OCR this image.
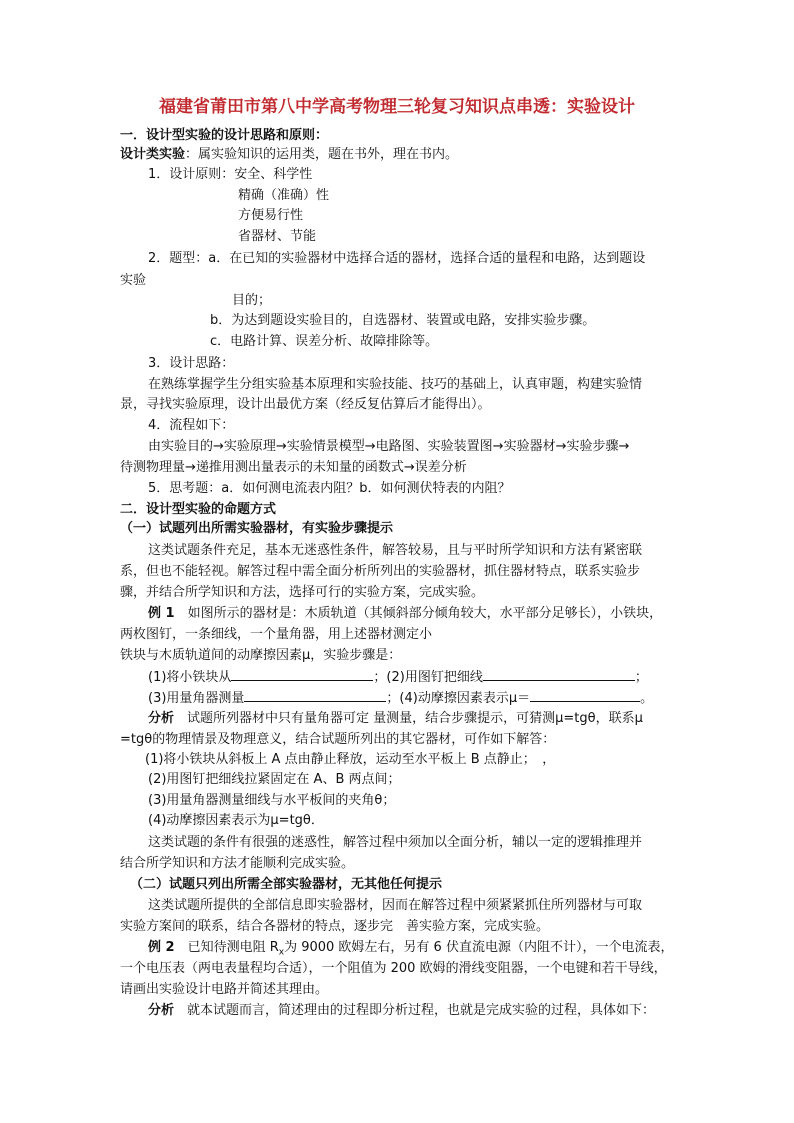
福建省莆田市第八中学高考物理三轮复习知识点串透：实验设计
一．设计型实验的设计思路和原则：
设计类实验：属实验知识的运用类，题在书外，理在书内。
1．设计原则：安全、科学性
精确（准确）性
方便易行性
省器材、节能
2．题型：a．在已知的实验器材中选择合适的器材，选择合适的量程和电路，达到题设
实验
目的；
b．为达到题设实验目的，自选器材、装置或电路，安排实验步骤。
c．电路计算、误差分析、故障排除等。
3．设计思路：
在熟练掌握学生分组实验基本原理和实验技能、技巧的基础上，认真审题，构建实验情
景，寻找实验原理，设计出最优方案（经反复估算后才能得出）。
4．流程如下：
由实验目的→实验原理→实验情景模型→电路图、实验装置图→实验器材→实验步骤→
待测物理量→递推用测出量表示的未知量的函数式→误差分析
5．思考题：a．如何测电流表内阻？b．如何测伏特表的内阻？
二．设计型实验的命题方式
（一）试题列出所需实验器材，有实验步骤提示
这类试题条件充足，基本无迷惑性条件，解答较易，且与平时所学知识和方法有紧密联
系，但也不能轻视。解答过程中需全面分析所列出的实验器材，抓住器材特点，联系实验步
骤，并结合所学知识和方法，选择可行的实验方案，完成实验。
例 1　如图所示的器材是：木质轨道（其倾斜部分倾角较大，水平部分足够长），小铁块，
两枚图钉，一条细线，一个量角器，用上述器材测定小
铁块与木质轨道间的动摩擦因素μ，实验步骤是：
(1)将小铁块从	；(2)用图钉把细线	；
(3)用量角器测量	；(4)动摩擦因素表示μ＝	。
分析　试题所列器材中只有量角器可定 量测量，结合步骤提示，可猜测μ=tgθ，联系μ
=tgθ的物理情景及物理意义，结合试题所列出的其它器材，可作如下解答：
(1)将小铁块从斜板上 A 点由静止释放，运动至水平板上 B 点静止；　，
(2)用图钉把细线拉紧固定在 A、B 两点间；
(3)用量角器测量细线与水平板间的夹角θ；
(4)动摩擦因素表示为μ=tgθ．
这类试题的条件有很强的迷惑性，解答过程中须加以全面分析，辅以一定的逻辑推理并
结合所学知识和方法才能顺利完成实验。
（二）试题只列出所需全部实验器材，无其他任何提示
这类试题所提供的全部信息即实验器材，因而在解答过程中须紧紧抓住所列器材与可取
实验方案间的联系，结合各器材的特点，逐步完　善实验方案，完成实验。
例 2　已知待测电阻 $R_x$为 9000 欧姆左右，另有 6 伏直流电源（内阻不计），一个电流表，
一个电压表（两电表量程均合适），一个阻值为 200 欧姆的滑线变阻器，一个电键和若干导线，
请画出实验设计电路并简述其理由。
分析　就本试题而言，简述理由的过程即分析过程，也就是完成实验的过程，具体如下：
